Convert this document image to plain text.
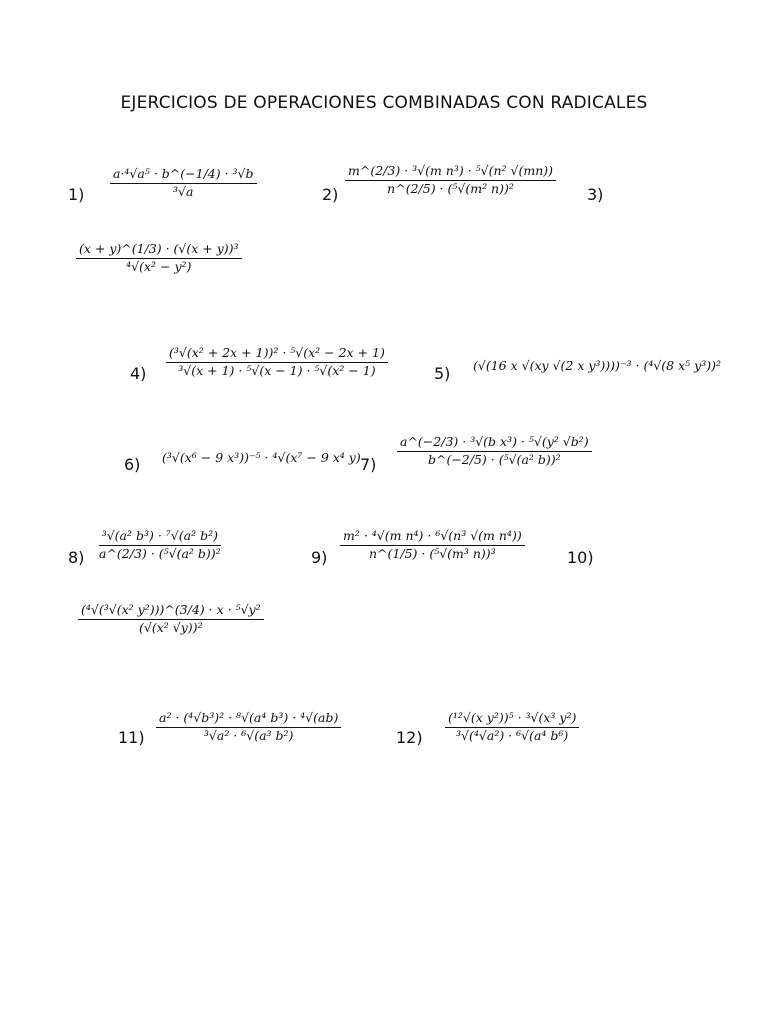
EJERCICIOS DE OPERACIONES COMBINADAS CON RADICALES
$1) \frac{\text{a·⁴√a⁵ · b\textasciicircum{}(−1/4) · ³√b}}{\text{³√a}}$	$2) \frac{\text{m\textasciicircum{}(2/3) · ³√(m n³) · ⁵√(n² √(mn))}}{\text{n\textasciicircum{}(2/5) · (⁵√(m² n))²}} 3$)
$\frac{\text{(x + y)\textasciicircum{}(1/3) · (√(x + y))³}}{\text{⁴√(x² − y²)}}$
$4) \frac{\text{(³√(x² + 2x + 1))² · ⁵√(x² − 2x + 1)}}{\text{³√(x + 1) · ⁵√(x − 1) · ⁵√(x² − 1)}}$	5) (√(16 x √(xy √(2 x y³))))⁻³ · (⁴√(8 x⁵ y³))²
6) (³√(x⁶ − 9 x³))⁻⁵ · ⁴√(x⁷ − 9 x⁴ y) $7) \frac{\text{a\textasciicircum{}(−2/3) · ³√(b x³) · ⁵√(y² √b²)}}{\text{b\textasciicircum{}(−2/5) · (⁵√(a² b))²}}$
$8) \frac{\text{³√(a² b³) · ⁷√(a² b²)}}{\text{a\textasciicircum{}(2/3) · (⁵√(a² b))²}}$	$9) \frac{\text{m² · ⁴√(m n⁴) · ⁶√(n³ √(m n⁴))}}{\text{n\textasciicircum{}(1/5) · (⁵√(m³ n))³}}$	10)
$\frac{\text{(⁴√(³√(x² y²)))\textasciicircum{}(3/4) · x · ⁵√y²}}{\text{(√(x² √y))²}}$
$11) \frac{\text{a² · (⁴√b³)² · ⁸√(a⁴ b³) · ⁴√(ab)}}{\text{³√a² · ⁶√(a³ b²)}}$	$12) \frac{\text{(¹²√(x y²))⁵ · ³√(x³ y²)}}{\text{³√(⁴√a²) · ⁶√(a⁴ b⁶)}}$
